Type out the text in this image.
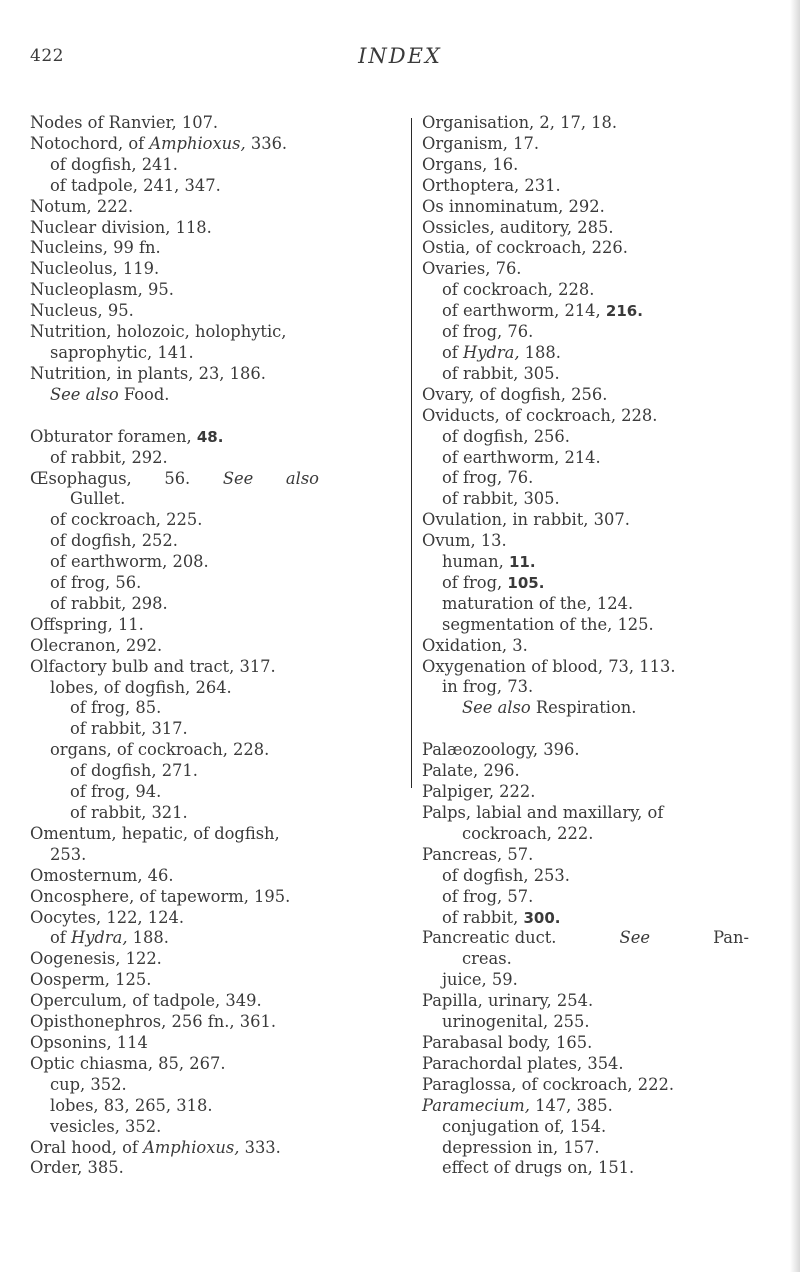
422	INDEX
Nodes of Ranvier, 107.
Notochord, of Amphioxus, 336.
of dogfish, 241.
of tadpole, 241, 347.
Notum, 222.
Nuclear division, 118.
Nucleins, 99 fn.
Nucleolus, 119.
Nucleoplasm, 95.
Nucleus, 95.
Nutrition, holozoic, holophytic,
saprophytic, 141.
Nutrition, in plants, 23, 186.
See also Food.
Obturator foramen, 48.
of rabbit, 292.
Œsophagus, 56. See also
Gullet.
of cockroach, 225.
of dogfish, 252.
of earthworm, 208.
of frog, 56.
of rabbit, 298.
Offspring, 11.
Olecranon, 292.
Olfactory bulb and tract, 317.
lobes, of dogfish, 264.
of frog, 85.
of rabbit, 317.
organs, of cockroach, 228.
of dogfish, 271.
of frog, 94.
of rabbit, 321.
Omentum, hepatic, of dogfish,
253.
Omosternum, 46.
Oncosphere, of tapeworm, 195.
Oocytes, 122, 124.
of Hydra, 188.
Oogenesis, 122.
Oosperm, 125.
Operculum, of tadpole, 349.
Opisthonephros, 256 fn., 361.
Opsonins, 114
Optic chiasma, 85, 267.
cup, 352.
lobes, 83, 265, 318.
vesicles, 352.
Oral hood, of Amphioxus, 333.
Order, 385.
Organisation, 2, 17, 18.
Organism, 17.
Organs, 16.
Orthoptera, 231.
Os innominatum, 292.
Ossicles, auditory, 285.
Ostia, of cockroach, 226.
Ovaries, 76.
of cockroach, 228.
of earthworm, 214, 216.
of frog, 76.
of Hydra, 188.
of rabbit, 305.
Ovary, of dogfish, 256.
Oviducts, of cockroach, 228.
of dogfish, 256.
of earthworm, 214.
of frog, 76.
of rabbit, 305.
Ovulation, in rabbit, 307.
Ovum, 13.
human, 11.
of frog, 105.
maturation of the, 124.
segmentation of the, 125.
Oxidation, 3.
Oxygenation of blood, 73, 113.
in frog, 73.
See also Respiration.
Palæozoology, 396.
Palate, 296.
Palpiger, 222.
Palps, labial and maxillary, of
cockroach, 222.
Pancreas, 57.
of dogfish, 253.
of frog, 57.
of rabbit, 300.
Pancreatic duct.	See	Pan-
creas.
juice, 59.
Papilla, urinary, 254.
urinogenital, 255.
Parabasal body, 165.
Parachordal plates, 354.
Paraglossa, of cockroach, 222.
Paramecium, 147, 385.
conjugation of, 154.
depression in, 157.
effect of drugs on, 151.
